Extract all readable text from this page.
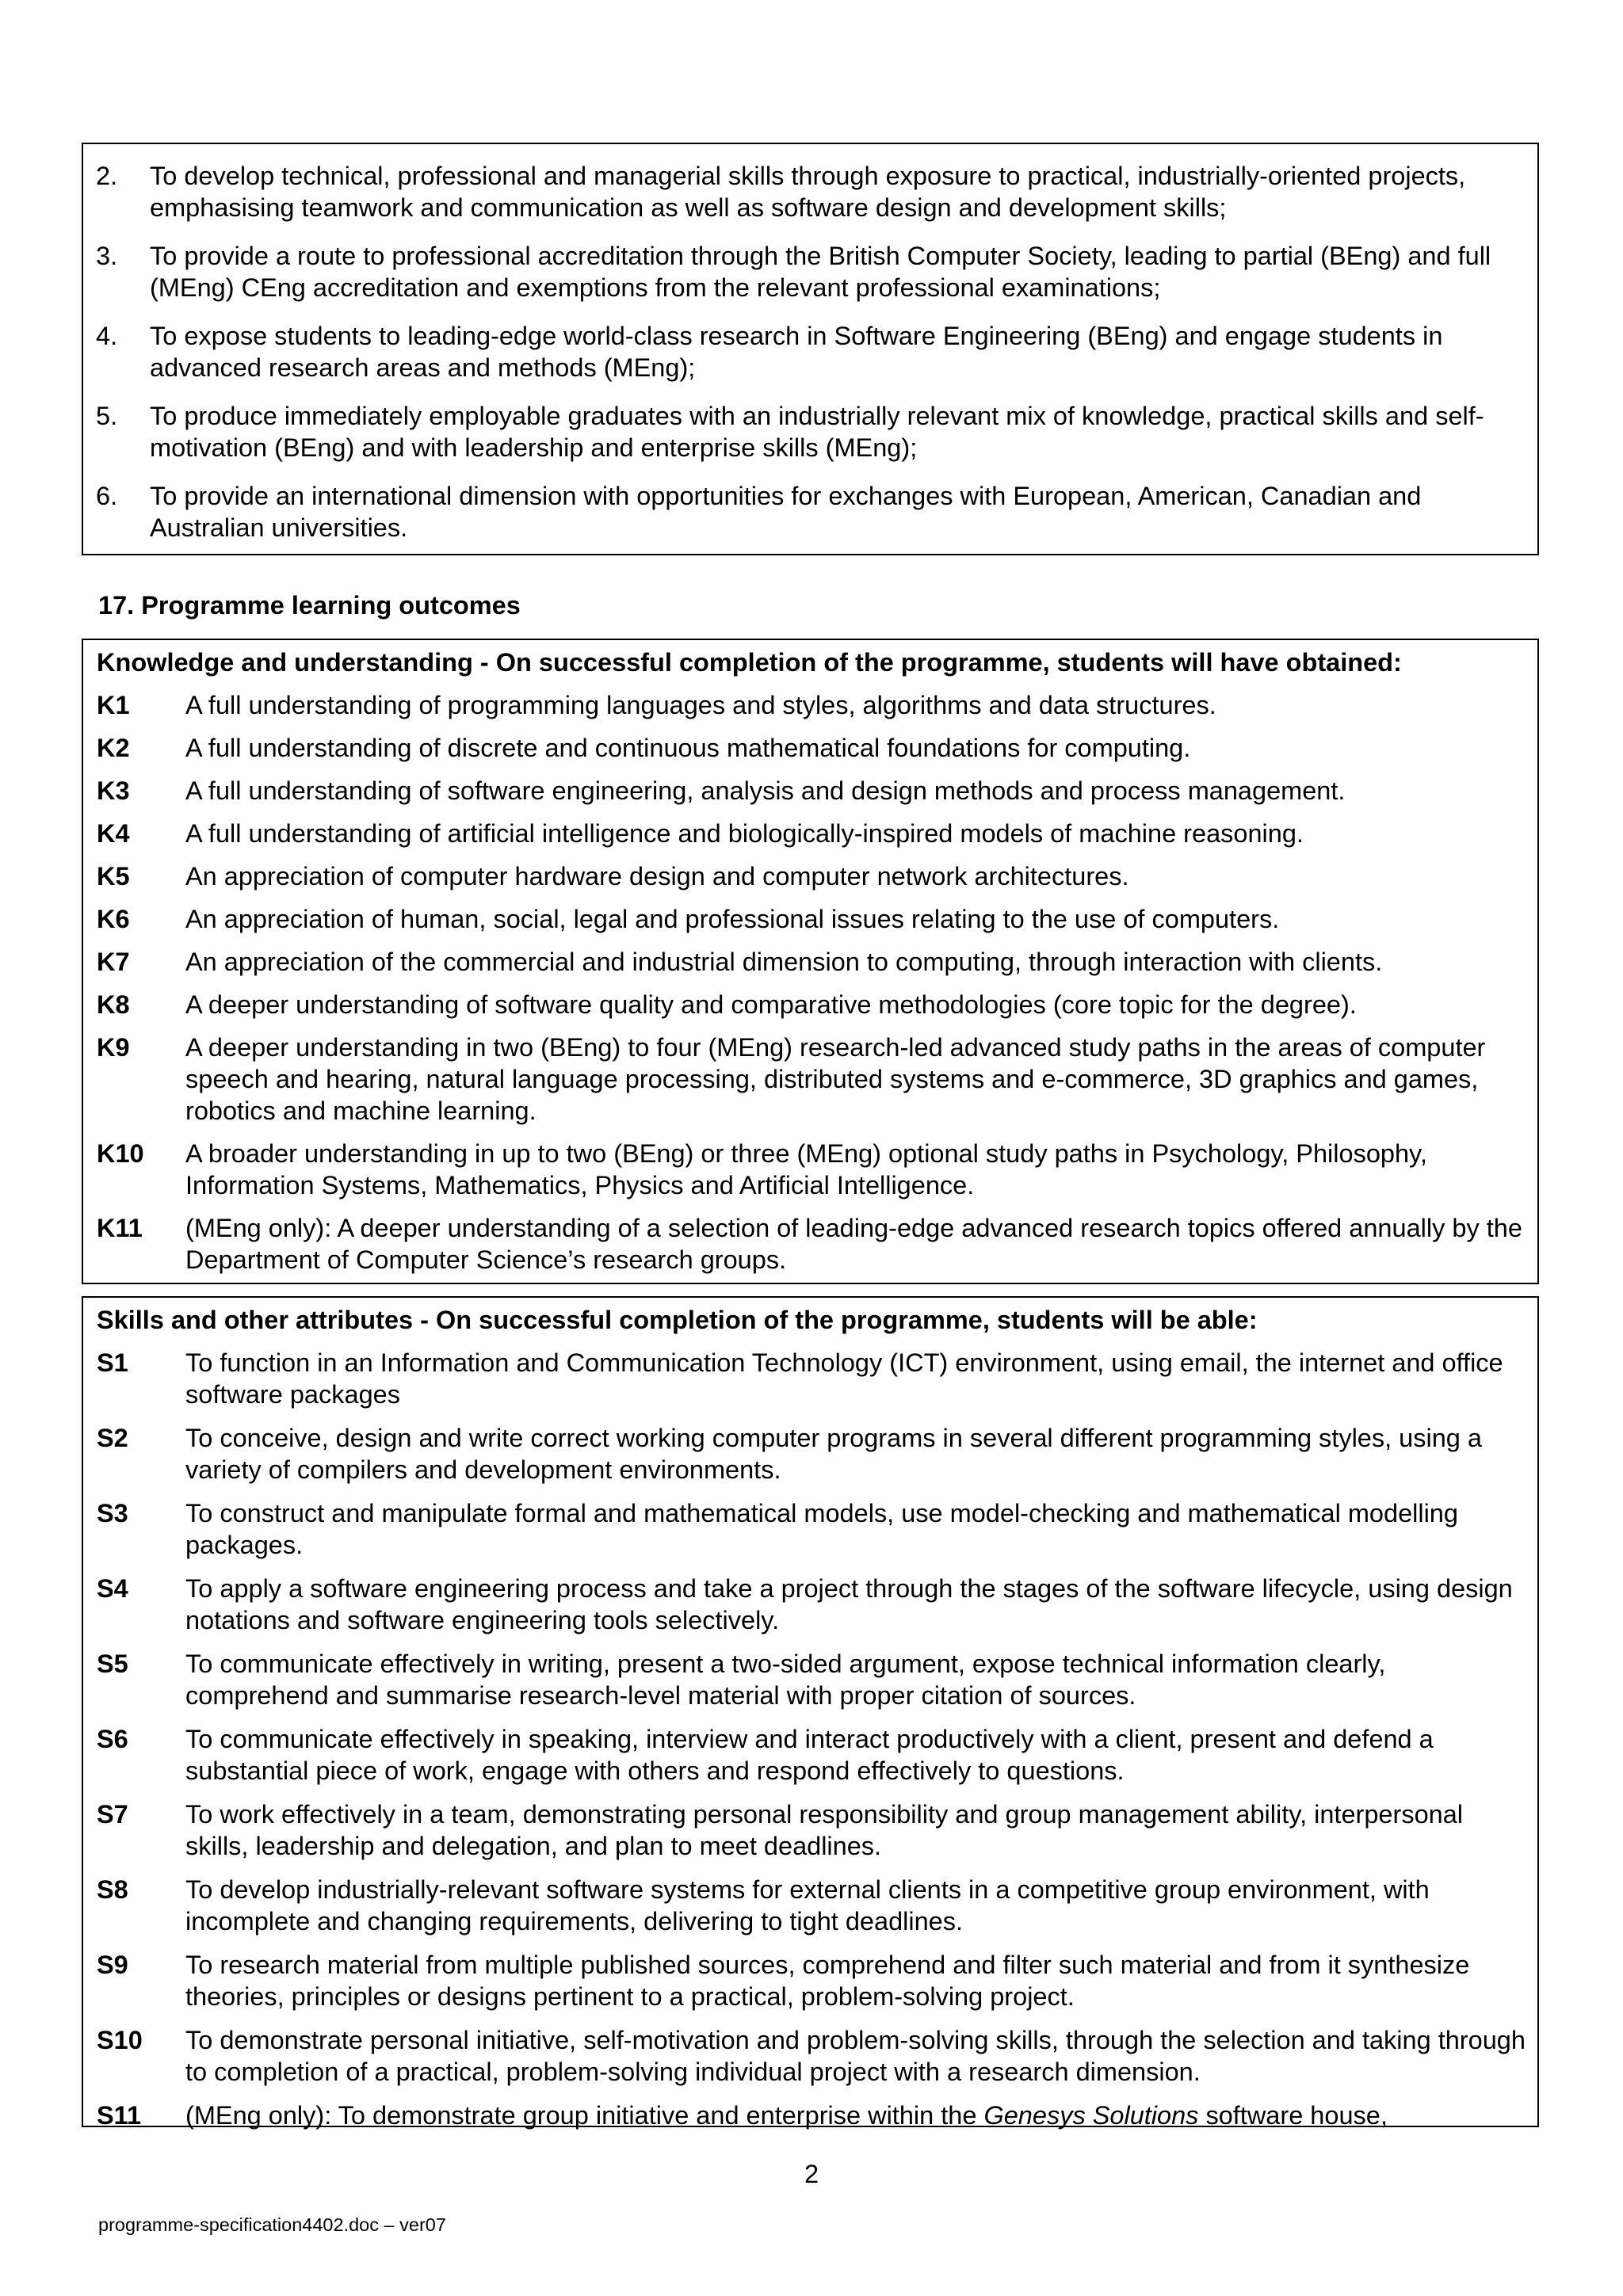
2.	To develop technical, professional and managerial skills through exposure to practical, industrially-oriented projects, emphasising teamwork and communication as well as software design and development skills;
3.	To provide a route to professional accreditation through the British Computer Society, leading to partial (BEng) and full (MEng) CEng accreditation and exemptions from the relevant professional examinations;
4.	To expose students to leading-edge world-class research in Software Engineering (BEng) and engage students in advanced research areas and methods (MEng);
5.	To produce immediately employable graduates with an industrially relevant mix of knowledge, practical skills and self-motivation (BEng) and with leadership and enterprise skills (MEng);
6.	To provide an international dimension with opportunities for exchanges with European, American, Canadian and Australian universities.
17. Programme learning outcomes
Knowledge and understanding - On successful completion of the programme, students will have obtained:
K1	A full understanding of programming languages and styles, algorithms and data structures.
K2	A full understanding of discrete and continuous mathematical foundations for computing.
K3	A full understanding of software engineering, analysis and design methods and process management.
K4	A full understanding of artificial intelligence and biologically-inspired models of machine reasoning.
K5	An appreciation of computer hardware design and computer network architectures.
K6	An appreciation of human, social, legal and professional issues relating to the use of computers.
K7	An appreciation of the commercial and industrial dimension to computing, through interaction with clients.
K8	A deeper understanding of software quality and comparative methodologies (core topic for the degree).
K9	A deeper understanding in two (BEng) to four (MEng) research-led advanced study paths in the areas of computer speech and hearing, natural language processing, distributed systems and e-commerce, 3D graphics and games, robotics and machine learning.
K10	A broader understanding in up to two (BEng) or three (MEng) optional study paths in Psychology, Philosophy, Information Systems, Mathematics, Physics and Artificial Intelligence.
K11	(MEng only): A deeper understanding of a selection of leading-edge advanced research topics offered annually by the Department of Computer Science’s research groups.
Skills and other attributes - On successful completion of the programme, students will be able:
S1	To function in an Information and Communication Technology (ICT) environment, using email, the internet and office software packages
S2	To conceive, design and write correct working computer programs in several different programming styles, using a variety of compilers and development environments.
S3	To construct and manipulate formal and mathematical models, use model-checking and mathematical modelling packages.
S4	To apply a software engineering process and take a project through the stages of the software lifecycle, using design notations and software engineering tools selectively.
S5	To communicate effectively in writing, present a two-sided argument, expose technical information clearly, comprehend and summarise research-level material with proper citation of sources.
S6	To communicate effectively in speaking, interview and interact productively with a client, present and defend a substantial piece of work, engage with others and respond effectively to questions.
S7	To work effectively in a team, demonstrating personal responsibility and group management ability, interpersonal skills, leadership and delegation, and plan to meet deadlines.
S8	To develop industrially-relevant software systems for external clients in a competitive group environment, with incomplete and changing requirements, delivering to tight deadlines.
S9	To research material from multiple published sources, comprehend and filter such material and from it synthesize theories, principles or designs pertinent to a practical, problem-solving project.
S10	To demonstrate personal initiative, self-motivation and problem-solving skills, through the selection and taking through to completion of a practical, problem-solving individual project with a research dimension.
S11	(MEng only): To demonstrate group initiative and enterprise within the Genesys Solutions software house,
2
programme-specification4402.doc – ver07
